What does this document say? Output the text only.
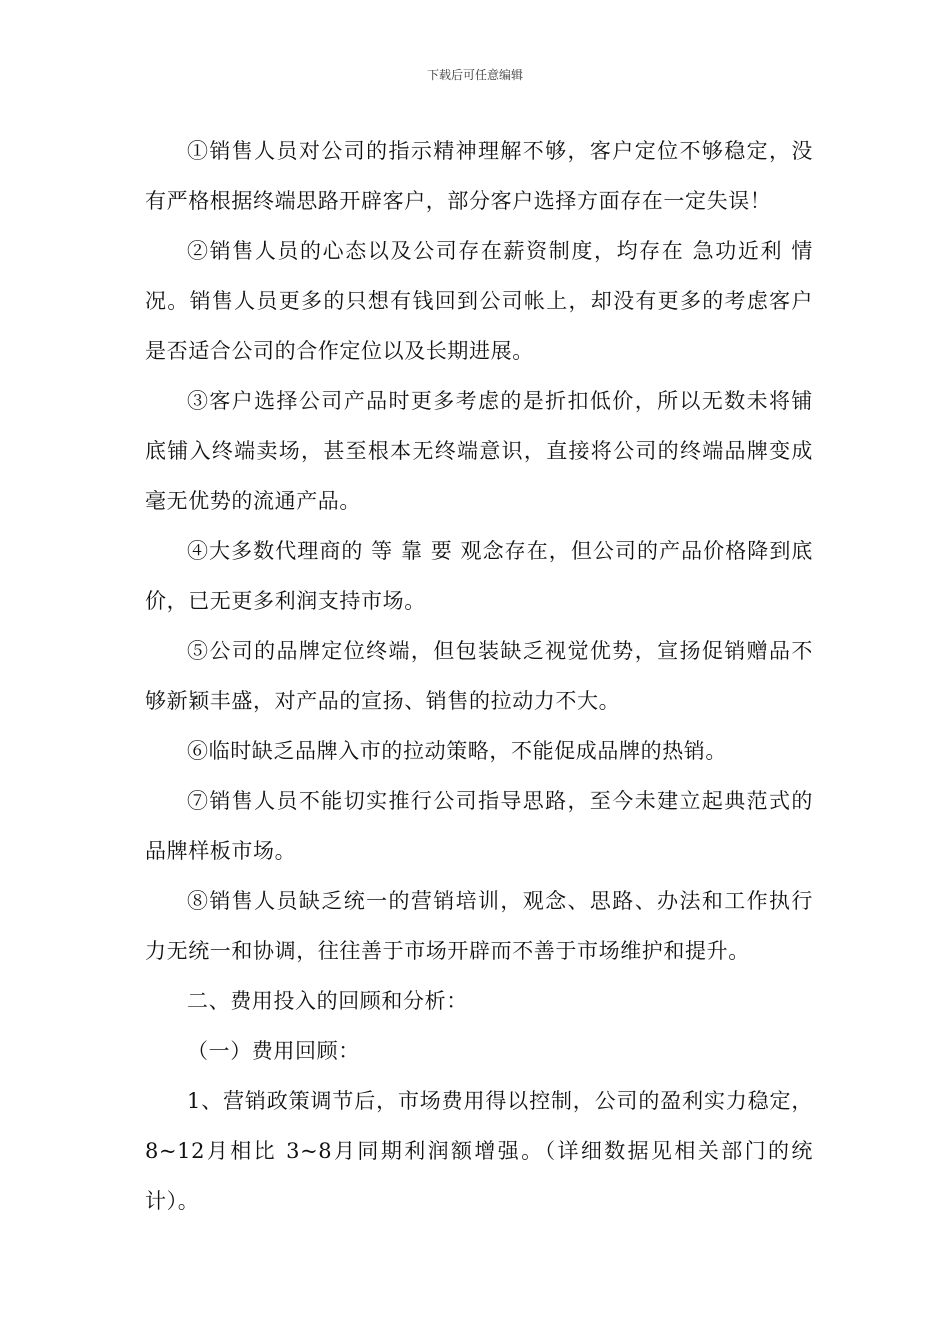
下载后可任意编辑

①销售人员对公司的指示精神理解不够，客户定位不够稳定，没有严格根据终端思路开辟客户，部分客户选择方面存在一定失误！

②销售人员的心态以及公司存在薪资制度，均存在 急功近利 情况。销售人员更多的只想有钱回到公司帐上，却没有更多的考虑客户是否适合公司的合作定位以及长期进展。

③客户选择公司产品时更多考虑的是折扣低价，所以无数未将铺底铺入终端卖场，甚至根本无终端意识，直接将公司的终端品牌变成毫无优势的流通产品。

④大多数代理商的 等 靠 要 观念存在，但公司的产品价格降到底价，已无更多利润支持市场。

⑤公司的品牌定位终端，但包装缺乏视觉优势，宣扬促销赠品不够新颖丰盛，对产品的宣扬、销售的拉动力不大。

⑥临时缺乏品牌入市的拉动策略，不能促成品牌的热销。

⑦销售人员不能切实推行公司指导思路，至今未建立起典范式的品牌样板市场。

⑧销售人员缺乏统一的营销培训，观念、思路、办法和工作执行力无统一和协调，往往善于市场开辟而不善于市场维护和提升。

二、费用投入的回顾和分析：

（一）费用回顾：

1、营销政策调节后，市场费用得以控制，公司的盈利实力稳定，8~12月相比 3~8月同期利润额增强。（详细数据见相关部门的统计）。
